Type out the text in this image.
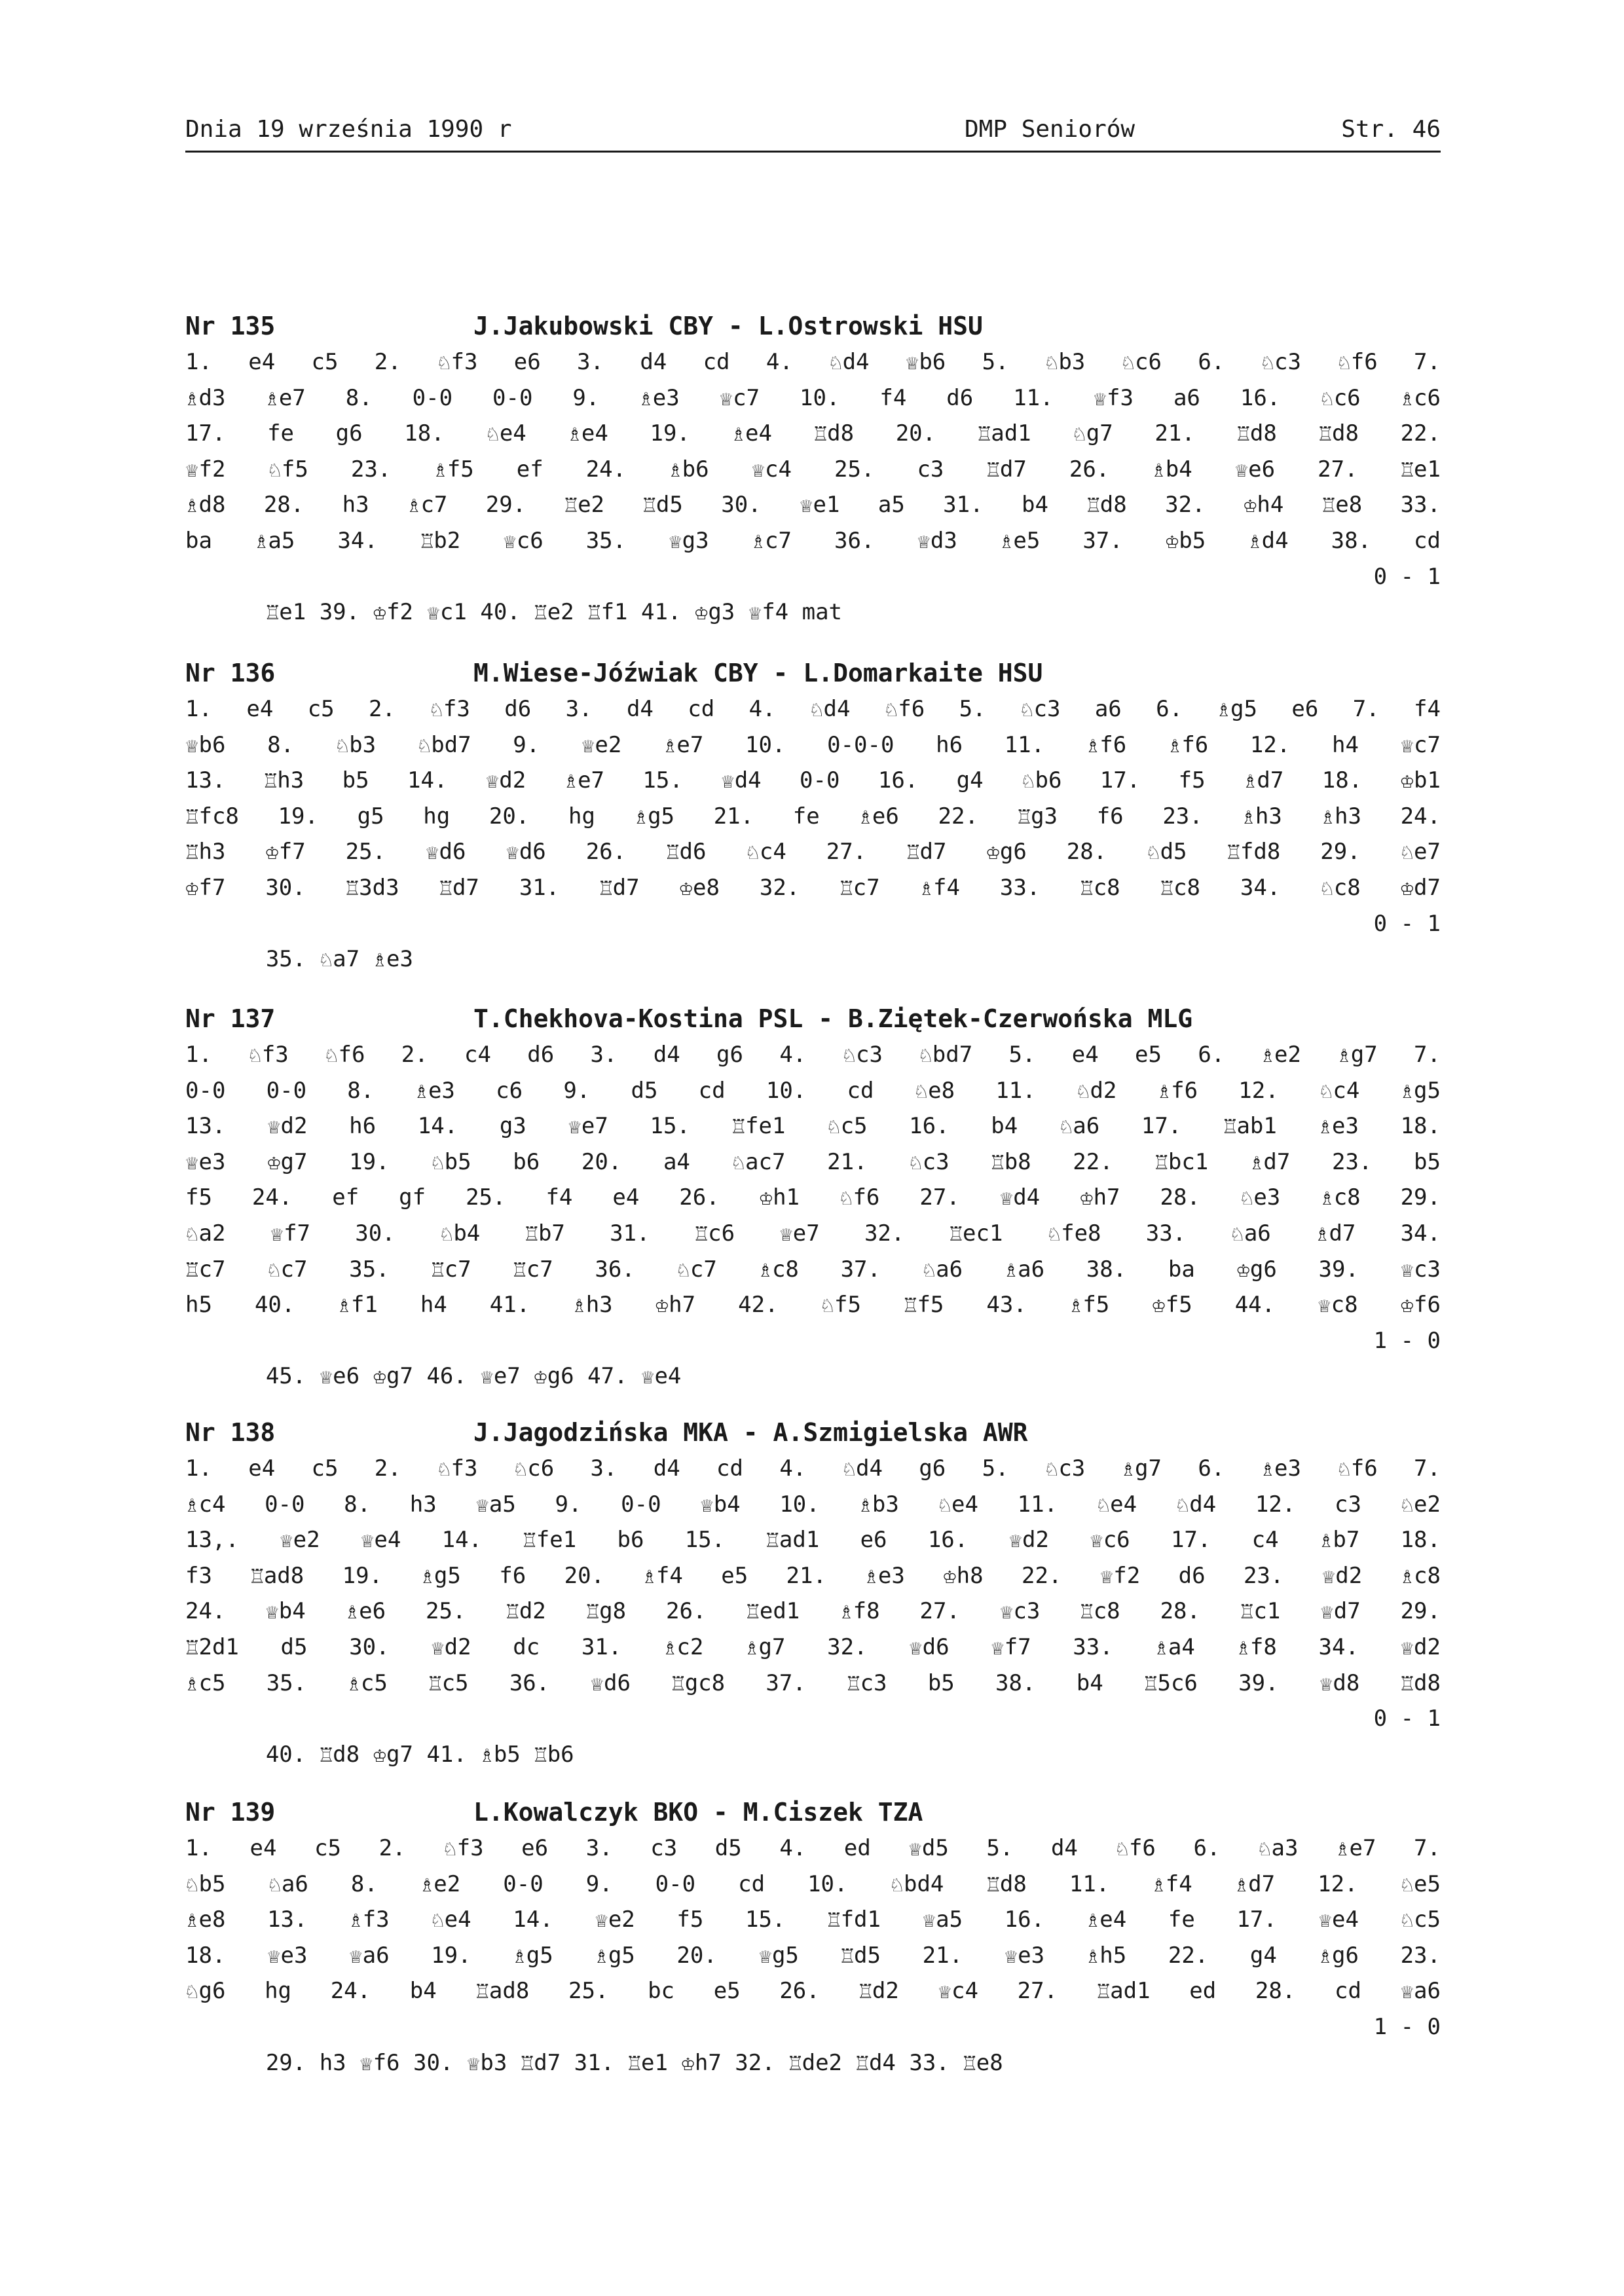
Dnia 19 września 1990 r	DMP Seniorów	Str. 46

Nr 135

	J.Jakubowski CBY - L.Ostrowski HSU

1. e4 c5 2. ♘f3 e6 3. d4 cd 4. ♘d4 ♕b6 5. ♘b3 ♘c6 6. ♘c3 ♘f6 7.
♗d3 ♗e7 8. 0-0 0-0 9. ♗e3 ♕c7 10. f4 d6 11. ♕f3 a6 16. ♘c6 ♗c6
17. fe g6 18. ♘e4 ♗e4 19. ♗e4 ♖d8 20. ♖ad1 ♘g7 21. ♖d8 ♖d8 22.
♕f2 ♘f5 23. ♗f5 ef 24. ♗b6 ♕c4 25. c3 ♖d7 26. ♗b4 ♕e6 27. ♖e1
♗d8 28. h3 ♗c7 29. ♖e2 ♖d5 30. ♕e1 a5 31. b4 ♖d8 32. ♔h4 ♖e8 33.
ba ♗a5 34. ♖b2 ♕c6 35. ♕g3 ♗c7 36. ♕d3 ♗e5 37. ♔b5 ♗d4 38. cd

♖e1 39. ♔f2 ♕c1 40. ♖e2 ♖f1 41. ♔g3 ♕f4 mat

0 - 1

Nr 136

	M.Wiese-Jóźwiak CBY - L.Domarkaite HSU

1. e4 c5 2. ♘f3 d6 3. d4 cd 4. ♘d4 ♘f6 5. ♘c3 a6 6. ♗g5 e6 7. f4
♕b6 8. ♘b3 ♘bd7 9. ♕e2 ♗e7 10. 0-0-0 h6 11. ♗f6 ♗f6 12. h4 ♕c7
13. ♖h3 b5 14. ♕d2 ♗e7 15. ♕d4 0-0 16. g4 ♘b6 17. f5 ♗d7 18. ♔b1
♖fc8 19. g5 hg 20. hg ♗g5 21. fe ♗e6 22. ♖g3 f6 23. ♗h3 ♗h3 24.
♖h3 ♔f7 25. ♕d6 ♕d6 26. ♖d6 ♘c4 27. ♖d7 ♔g6 28. ♘d5 ♖fd8 29. ♘e7
♔f7 30. ♖3d3 ♖d7 31. ♖d7 ♔e8 32. ♖c7 ♗f4 33. ♖c8 ♖c8 34. ♘c8 ♔d7

35. ♘a7 ♗e3

0 - 1

Nr 137

	T.Chekhova-Kostina PSL - B.Ziętek-Czerwońska MLG

1. ♘f3 ♘f6 2. c4 d6 3. d4 g6 4. ♘c3 ♘bd7 5. e4 e5 6. ♗e2 ♗g7 7.
0-0 0-0 8. ♗e3 c6 9. d5 cd 10. cd ♘e8 11. ♘d2 ♗f6 12. ♘c4 ♗g5
13. ♕d2 h6 14. g3 ♕e7 15. ♖fe1 ♘c5 16. b4 ♘a6 17. ♖ab1 ♗e3 18.
♕e3 ♔g7 19. ♘b5 b6 20. a4 ♘ac7 21. ♘c3 ♖b8 22. ♖bc1 ♗d7 23. b5
f5 24. ef gf 25. f4 e4 26. ♔h1 ♘f6 27. ♕d4 ♔h7 28. ♘e3 ♗c8 29.
♘a2 ♕f7 30. ♘b4 ♖b7 31. ♖c6 ♕e7 32. ♖ec1 ♘fe8 33. ♘a6 ♗d7 34.
♖c7 ♘c7 35. ♖c7 ♖c7 36. ♘c7 ♗c8 37. ♘a6 ♗a6 38. ba ♔g6 39. ♕c3
h5 40. ♗f1 h4 41. ♗h3 ♔h7 42. ♘f5 ♖f5 43. ♗f5 ♔f5 44. ♕c8 ♔f6

45. ♕e6 ♔g7 46. ♕e7 ♔g6 47. ♕e4

1 - 0

Nr 138

	J.Jagodzińska MKA - A.Szmigielska AWR

1. e4 c5 2. ♘f3 ♘c6 3. d4 cd 4. ♘d4 g6 5. ♘c3 ♗g7 6. ♗e3 ♘f6 7.
♗c4 0-0 8. h3 ♕a5 9. 0-0 ♕b4 10. ♗b3 ♘e4 11. ♘e4 ♘d4 12. c3 ♘e2
13,. ♕e2 ♕e4 14. ♖fe1 b6 15. ♖ad1 e6 16. ♕d2 ♕c6 17. c4 ♗b7 18.
f3 ♖ad8 19. ♗g5 f6 20. ♗f4 e5 21. ♗e3 ♔h8 22. ♕f2 d6 23. ♕d2 ♗c8
24. ♕b4 ♗e6 25. ♖d2 ♖g8 26. ♖ed1 ♗f8 27. ♕c3 ♖c8 28. ♖c1 ♕d7 29.
♖2d1 d5 30. ♕d2 dc 31. ♗c2 ♗g7 32. ♕d6 ♕f7 33. ♗a4 ♗f8 34. ♕d2
♗c5 35. ♗c5 ♖c5 36. ♕d6 ♖gc8 37. ♖c3 b5 38. b4 ♖5c6 39. ♕d8 ♖d8

40. ♖d8 ♔g7 41. ♗b5 ♖b6

0 - 1

Nr 139

	L.Kowalczyk BKO - M.Ciszek TZA

1. e4 c5 2. ♘f3 e6 3. c3 d5 4. ed ♕d5 5. d4 ♘f6 6. ♘a3 ♗e7 7.
♘b5 ♘a6 8. ♗e2 0-0 9. 0-0 cd 10. ♘bd4 ♖d8 11. ♗f4 ♗d7 12. ♘e5
♗e8 13. ♗f3 ♘e4 14. ♕e2 f5 15. ♖fd1 ♕a5 16. ♗e4 fe 17. ♕e4 ♘c5
18. ♕e3 ♕a6 19. ♗g5 ♗g5 20. ♕g5 ♖d5 21. ♕e3 ♗h5 22. g4 ♗g6 23.
♘g6 hg 24. b4 ♖ad8 25. bc e5 26. ♖d2 ♕c4 27. ♖ad1 ed 28. cd ♕a6

29. h3 ♕f6 30. ♕b3 ♖d7 31. ♖e1 ♔h7 32. ♖de2 ♖d4 33. ♖e8

1 - 0
